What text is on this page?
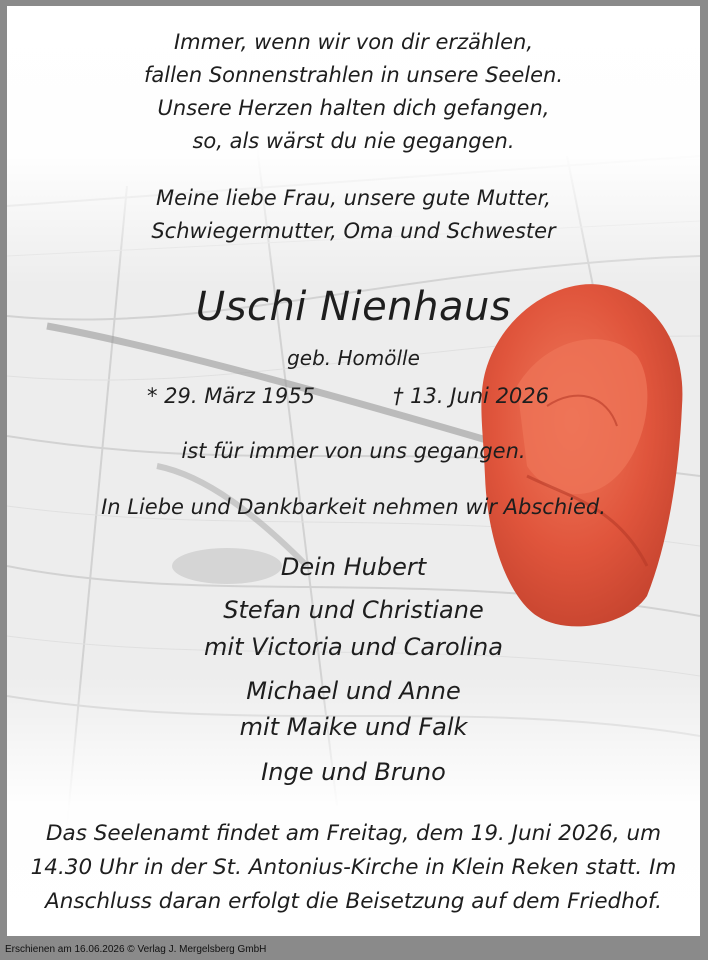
Immer, wenn wir von dir erzählen,
fallen Sonnenstrahlen in unsere Seelen.
Unsere Herzen halten dich gefangen,
so, als wärst du nie gegangen.
Meine liebe Frau, unsere gute Mutter,
Schwiegermutter, Oma und Schwester
Uschi Nienhaus
geb. Homölle
* 29. März 1955	† 13. Juni 2026
ist für immer von uns gegangen.
In Liebe und Dankbarkeit nehmen wir Abschied.
Dein Hubert
Stefan und Christiane
mit Victoria und Carolina
Michael und Anne
mit Maike und Falk
Inge und Bruno
Das Seelenamt findet am Freitag, dem 19. Juni 2026, um
14.30 Uhr in der St. Antonius-Kirche in Klein Reken statt. Im
Anschluss daran erfolgt die Beisetzung auf dem Friedhof.
Erschienen am 16.06.2026 © Verlag J. Mergelsberg GmbH
